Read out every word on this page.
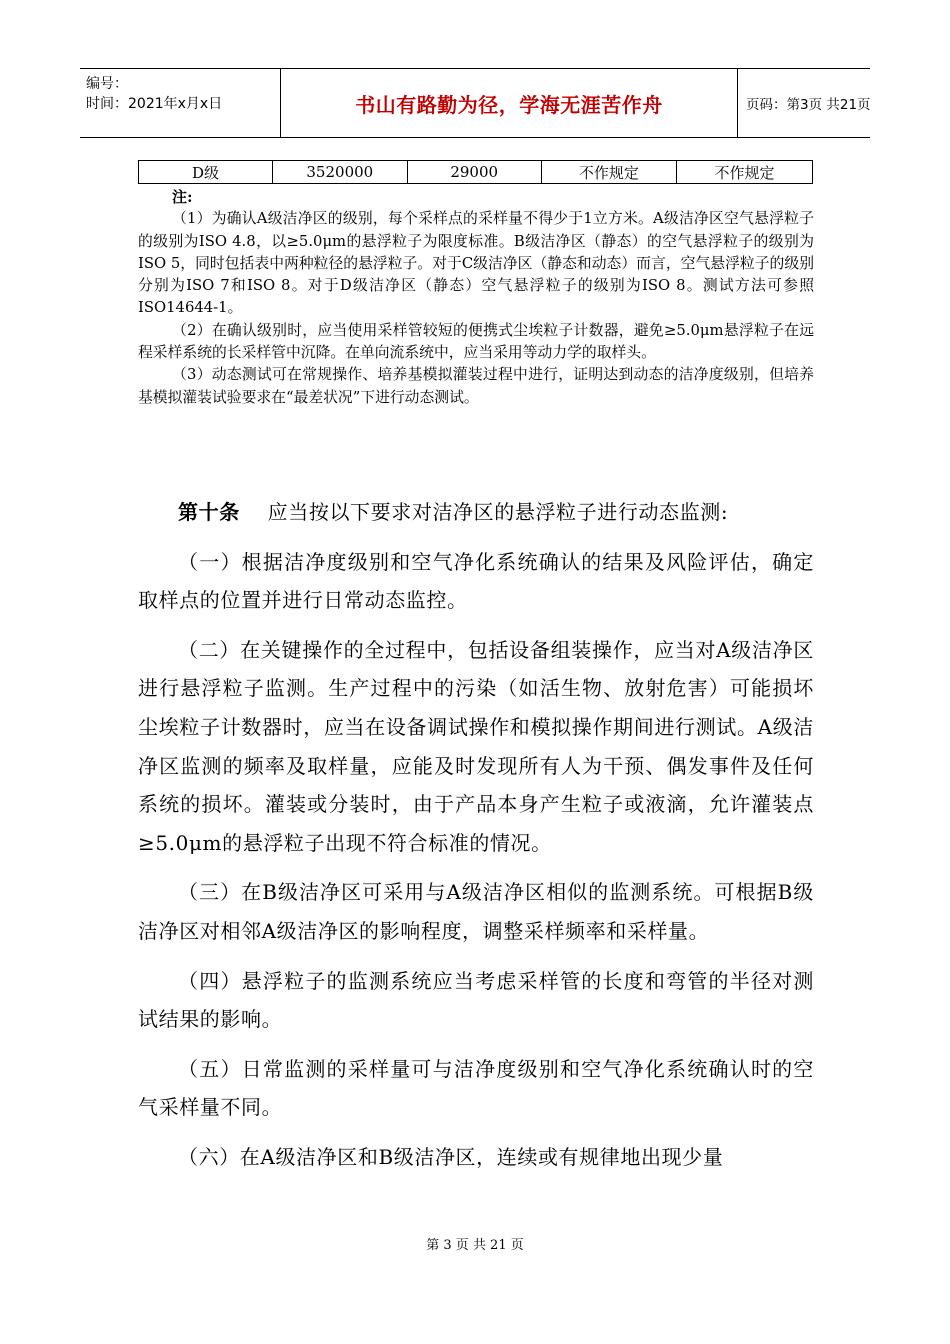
编号：
时间：2021年x月x日	书山有路勤为径，学海无涯苦作舟	页码：第3页 共21页
D级	3520000	29000	不作规定	不作规定
注:

（1）为确认A级洁净区的级别，每个采样点的采样量不得少于1立方米。A级洁净区空气悬浮粒子的级别为ISO 4.8，以≥5.0μm的悬浮粒子为限度标准。B级洁净区（静态）的空气悬浮粒子的级别为ISO 5，同时包括表中两种粒径的悬浮粒子。对于C级洁净区（静态和动态）而言，空气悬浮粒子的级别分别为ISO 7和ISO 8。对于D级洁净区（静态）空气悬浮粒子的级别为ISO 8。测试方法可参照ISO14644-1。

（2）在确认级别时，应当使用采样管较短的便携式尘埃粒子计数器，避免≥5.0μm悬浮粒子在远程采样系统的长采样管中沉降。在单向流系统中，应当采用等动力学的取样头。

（3）动态测试可在常规操作、培养基模拟灌装过程中进行，证明达到动态的洁净度级别，但培养基模拟灌装试验要求在“最差状况”下进行动态测试。

第十条 应当按以下要求对洁净区的悬浮粒子进行动态监测:

（一）根据洁净度级别和空气净化系统确认的结果及风险评估，确定取样点的位置并进行日常动态监控。

（二）在关键操作的全过程中，包括设备组装操作，应当对A级洁净区进行悬浮粒子监测。生产过程中的污染（如活生物、放射危害）可能损坏尘埃粒子计数器时，应当在设备调试操作和模拟操作期间进行测试。A级洁净区监测的频率及取样量，应能及时发现所有人为干预、偶发事件及任何系统的损坏。灌装或分装时，由于产品本身产生粒子或液滴，允许灌装点≥5.0μm的悬浮粒子出现不符合标准的情况。

（三）在B级洁净区可采用与A级洁净区相似的监测系统。可根据B级洁净区对相邻A级洁净区的影响程度，调整采样频率和采样量。

（四）悬浮粒子的监测系统应当考虑采样管的长度和弯管的半径对测试结果的影响。

（五）日常监测的采样量可与洁净度级别和空气净化系统确认时的空气采样量不同。

（六）在A级洁净区和B级洁净区，连续或有规律地出现少量

第 3 页 共 21 页
